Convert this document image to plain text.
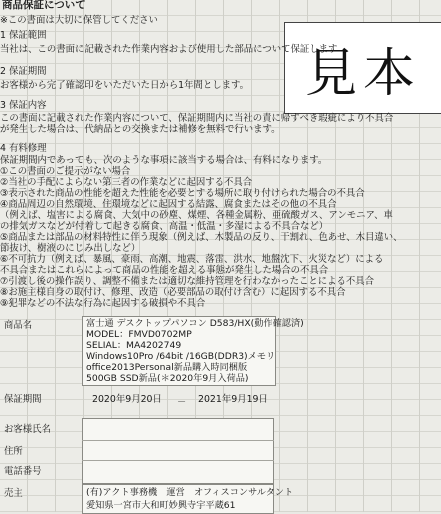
商品保証について
見本
※この書面は大切に保管してください
1 保証範囲
当社は、この書面に記載された作業内容および使用した部品について保証します
2 保証期間
お客様から完了確認印をいただいた日から1年間とします。
3 保証内容
この書面に記載された作業内容について、保証期間内に当社の責に帰すべき瑕疵により不具合
が発生した場合は、代納品との交換または補修を無料で行います。
4 有料修理
保証期間内であっても、次のような事項に該当する場合は、有料になります。
①この書面のご提示がない場合
②当社の手配によらない第三者の作業などに起因する不具合
③表示された商品の性能を超えた性能を必要とする場所に取り付けられた場合の不具合
④商品周辺の自然環境、住環境などに起因する結露、腐食またはその他の不具合
（例えば、塩害による腐食、大気中の砂塵、煤煙、各種金属粉、亜硫酸ガス、アンモニア、車
の排気ガスなどが付着して起きる腐食、高温・低温・多湿による不具合など）
⑤商品または部品の材料特性に伴う現象（例えば、木製品の反り、干割れ、色あせ、木目違い、
節抜け、樹液のにじみ出しなど）
⑥不可抗力（例えば、暴風、豪雨、高潮、地震、落雷、洪水、地盤沈下、火災など）による
不具合またはこれらによって商品の性能を超える事態が発生した場合の不具合
⑦引渡し後の操作誤り、調整不備または適切な維持管理を行わなかったことによる不具合
⑧お施主様自身の取付け、修理、改造（必要部品の取付け含む）に起因する不具合
⑨犯罪などの不法な行為に起因する破損や不具合
商品名	富士通 デスクトップパソコン D583/HX(動作確認済)
MODEL：FMVD0702MP
SELIAL：MA4202749
Windows10Pro /64bit /16GB(DDR3)メモリ
office2013Personal新品購入時同梱版
500GB SSD新品(＊2020年9月入荷品)
保証期間	2020年9月20日 － 2021年9月19日
お客様氏名
住所
電話番号
売主	(有)アクト事務機　運営　オフィスコンサルタント
愛知県一宮市大和町妙興寺宇平蔵61
